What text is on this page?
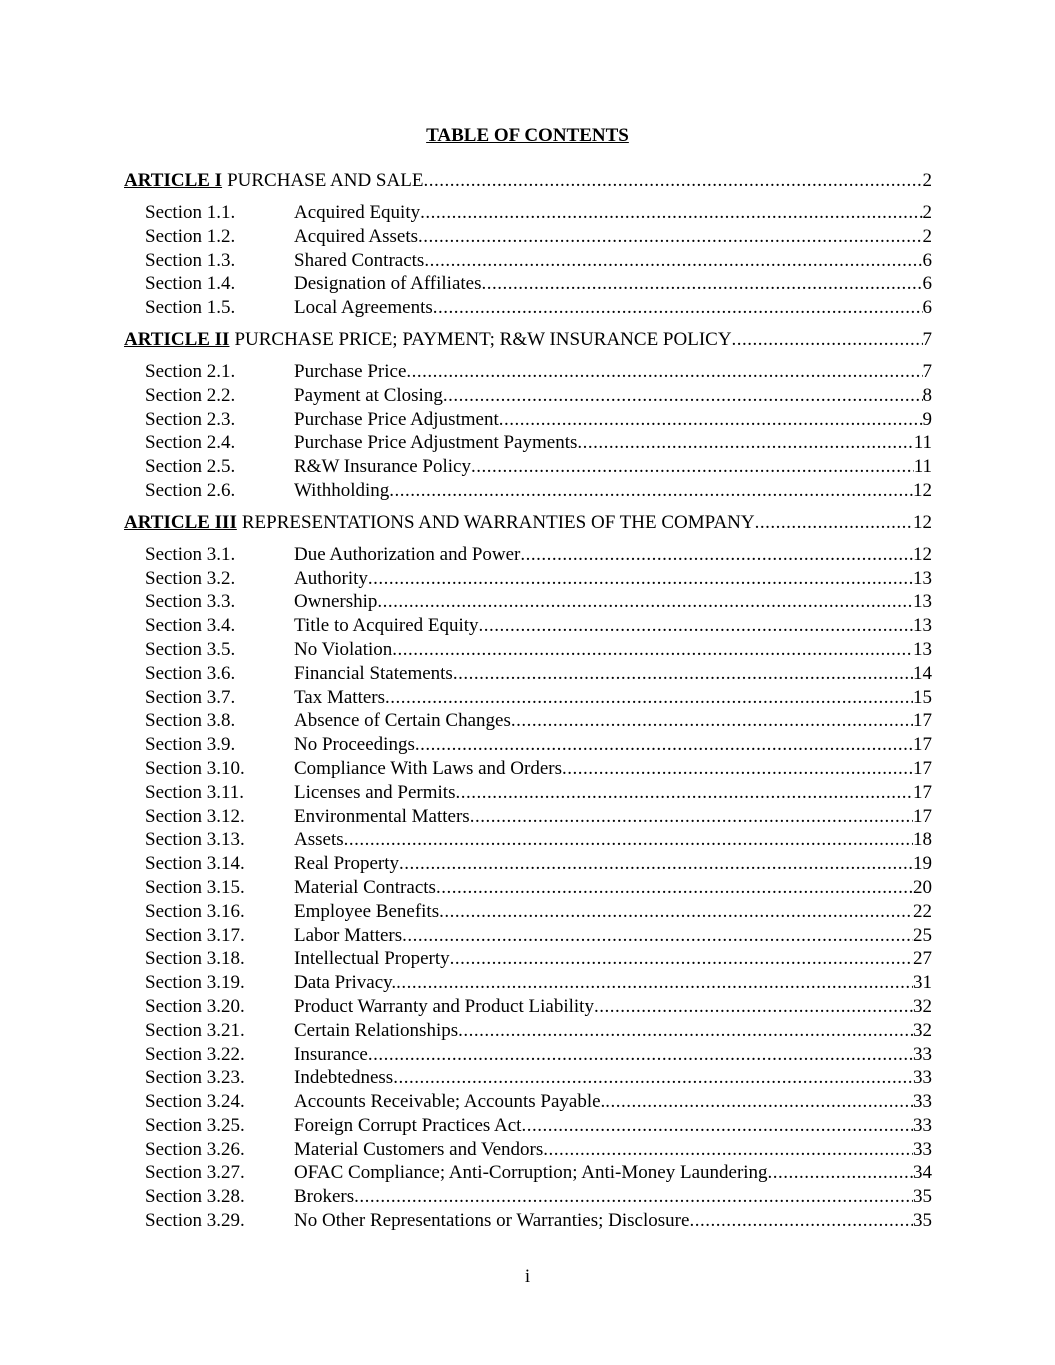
TABLE OF CONTENTS
ARTICLE I PURCHASE AND SALE .....	2
Section 1.1.	Acquired Equity .....	2
Section 1.2.	Acquired Assets .....	2
Section 1.3.	Shared Contracts .....	6
Section 1.4.	Designation of Affiliates .....	6
Section 1.5.	Local Agreements .....	6
ARTICLE II PURCHASE PRICE; PAYMENT; R&W INSURANCE POLICY .....	7
Section 2.1.	Purchase Price .....	7
Section 2.2.	Payment at Closing .....	8
Section 2.3.	Purchase Price Adjustment .....	9
Section 2.4.	Purchase Price Adjustment Payments .....	11
Section 2.5.	R&W Insurance Policy .....	11
Section 2.6.	Withholding .....	12
ARTICLE III REPRESENTATIONS AND WARRANTIES OF THE COMPANY .....	12
Section 3.1.	Due Authorization and Power .....	12
Section 3.2.	Authority .....	13
Section 3.3.	Ownership .....	13
Section 3.4.	Title to Acquired Equity .....	13
Section 3.5.	No Violation .....	13
Section 3.6.	Financial Statements .....	14
Section 3.7.	Tax Matters .....	15
Section 3.8.	Absence of Certain Changes .....	17
Section 3.9.	No Proceedings .....	17
Section 3.10.	Compliance With Laws and Orders .....	17
Section 3.11.	Licenses and Permits .....	17
Section 3.12.	Environmental Matters .....	17
Section 3.13.	Assets .....	18
Section 3.14.	Real Property .....	19
Section 3.15.	Material Contracts .....	20
Section 3.16.	Employee Benefits .....	22
Section 3.17.	Labor Matters .....	25
Section 3.18.	Intellectual Property .....	27
Section 3.19.	Data Privacy. .....	31
Section 3.20.	Product Warranty and Product Liability .....	32
Section 3.21.	Certain Relationships .....	32
Section 3.22.	Insurance .....	33
Section 3.23.	Indebtedness .....	33
Section 3.24.	Accounts Receivable; Accounts Payable. .....	33
Section 3.25.	Foreign Corrupt Practices Act .....	33
Section 3.26.	Material Customers and Vendors .....	33
Section 3.27.	OFAC Compliance; Anti-Corruption; Anti-Money Laundering .....	34
Section 3.28.	Brokers .....	35
Section 3.29.	No Other Representations or Warranties; Disclosure .....	35
i
